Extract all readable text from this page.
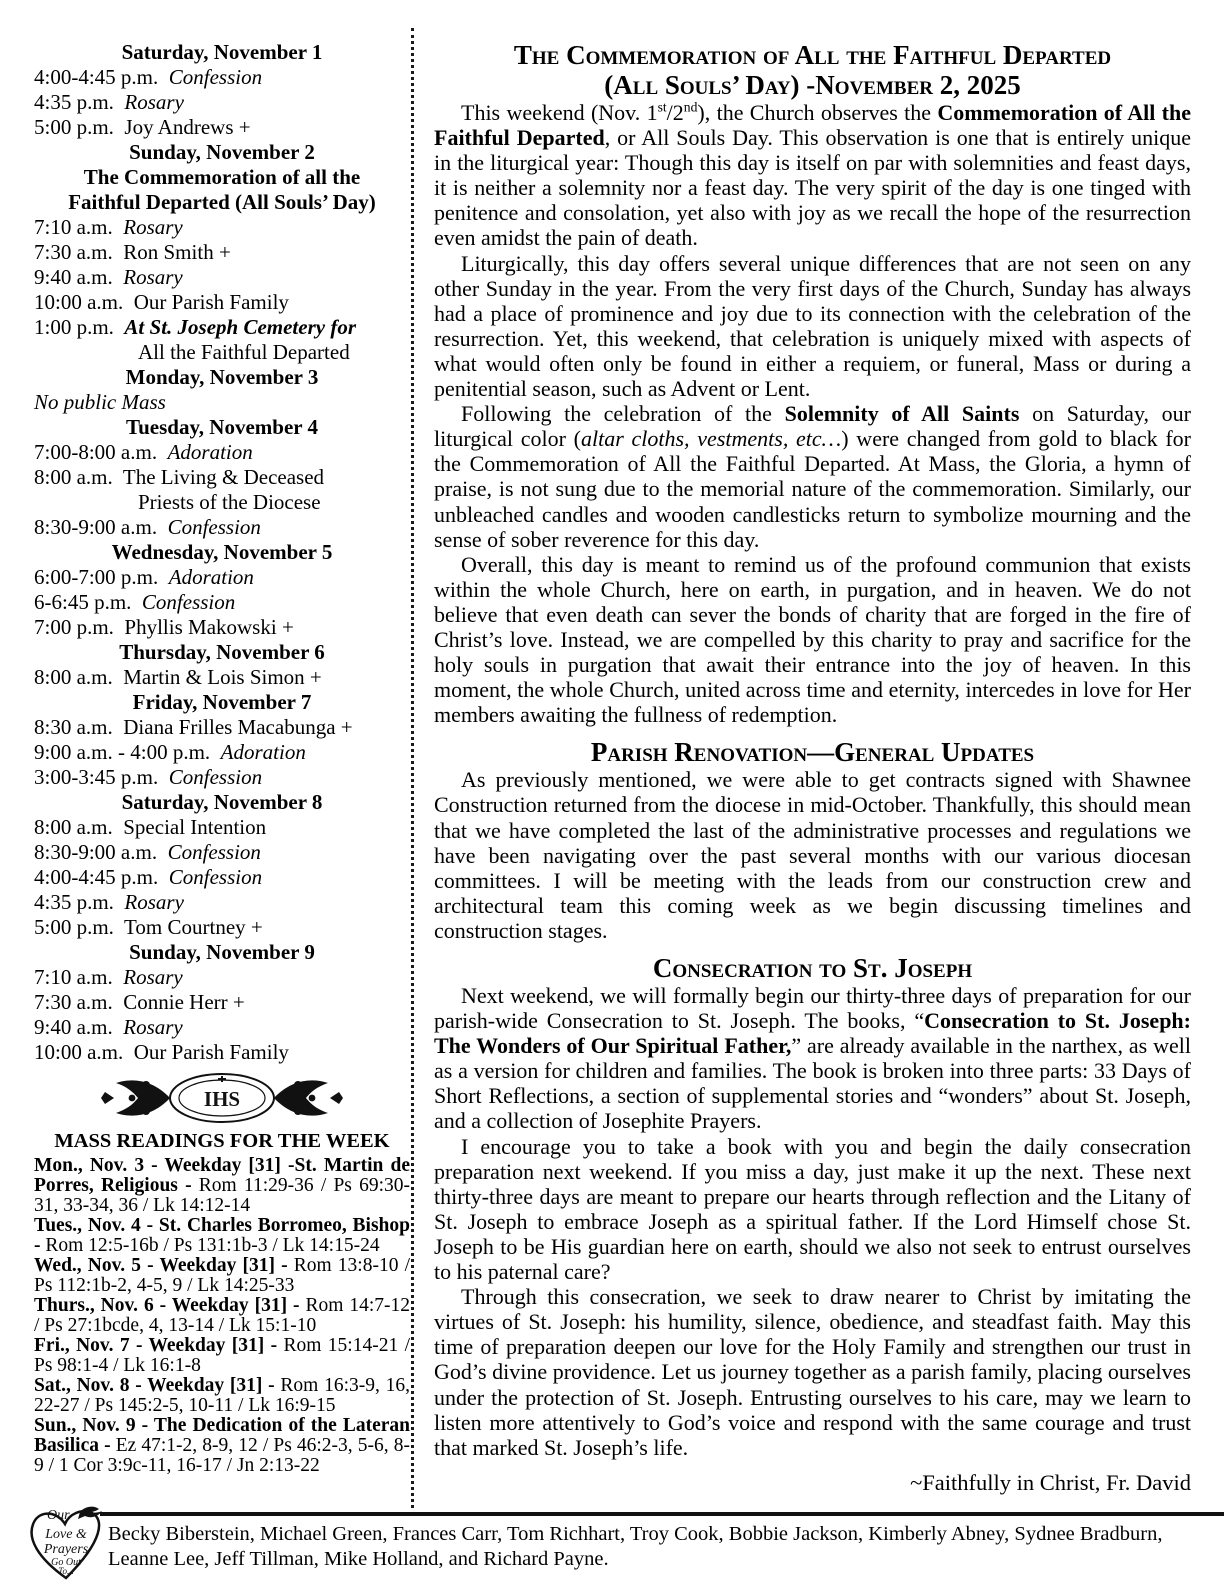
Saturday, November 1
4:00-4:45 p.m. Confession
4:35 p.m. Rosary
5:00 p.m.  Joy Andrews +
Sunday, November 2
The Commemoration of all the
Faithful Departed (All Souls’ Day)
7:10 a.m. Rosary
7:30 a.m.  Ron Smith +
9:40 a.m. Rosary
10:00 a.m. Our Parish Family
1:00 p.m. At St. Joseph Cemetery for
All the Faithful Departed
Monday, November 3
No public Mass
Tuesday, November 4
7:00-8:00 a.m. Adoration
8:00 a.m.  The Living & Deceased
Priests of the Diocese
8:30-9:00 a.m. Confession
Wednesday, November 5
6:00-7:00 p.m. Adoration
6-6:45 p.m. Confession
7:00 p.m.  Phyllis Makowski +
Thursday, November 6
8:00 a.m.  Martin & Lois Simon +
Friday, November 7
8:30 a.m.  Diana Frilles Macabunga +
9:00 a.m. - 4:00 p.m. Adoration
3:00-3:45 p.m. Confession
Saturday, November 8
8:00 a.m. Special Intention
8:30-9:00 a.m. Confession
4:00-4:45 p.m. Confession
4:35 p.m. Rosary
5:00 p.m.  Tom Courtney +
Sunday, November 9
7:10 a.m. Rosary
7:30 a.m.  Connie Herr +
9:40 a.m. Rosary
10:00 a.m. Our Parish Family
IHS
MASS READINGS FOR THE WEEK
Mon., Nov. 3 - Weekday [31] -St. Martin de Porres, Religious - Rom 11:29-36 / Ps 69:30-31, 33-34, 36 / Lk 14:12-14
Tues., Nov. 4 - St. Charles Borromeo, Bishop - Rom 12:5-16b / Ps 131:1b-3 / Lk 14:15-24
Wed., Nov. 5 - Weekday [31] - Rom 13:8-10 / Ps 112:1b-2, 4-5, 9 / Lk 14:25-33
Thurs., Nov. 6 - Weekday [31] - Rom 14:7-12 / Ps 27:1bcde, 4, 13-14 / Lk 15:1-10
Fri., Nov. 7 - Weekday [31] - Rom 15:14-21 / Ps 98:1-4 / Lk 16:1-8
Sat., Nov. 8 - Weekday [31] - Rom 16:3-9, 16, 22-27 / Ps 145:2-5, 10-11 / Lk 16:9-15
Sun., Nov. 9 - The Dedication of the Lateran Basilica - Ez 47:1-2, 8-9, 12 / Ps 46:2-3, 5-6, 8-9 / 1 Cor 3:9c-11, 16-17 / Jn 2:13-22
The Commemoration of All the Faithful Departed
(All Souls’ Day) -November 2, 2025

This weekend (Nov. 1st/2nd), the Church observes the Commemoration of All the Faithful Departed, or All Souls Day. This observation is one that is entirely unique in the liturgical year: Though this day is itself on par with solemnities and feast days, it is neither a solemnity nor a feast day. The very spirit of the day is one tinged with penitence and consolation, yet also with joy as we recall the hope of the resurrection even amidst the pain of death.

Liturgically, this day offers several unique differences that are not seen on any other Sunday in the year. From the very first days of the Church, Sunday has always had a place of prominence and joy due to its connection with the celebration of the resurrection. Yet, this weekend, that celebration is uniquely mixed with aspects of what would often only be found in either a requiem, or funeral, Mass or during a penitential season, such as Advent or Lent.

Following the celebration of the Solemnity of All Saints on Saturday, our liturgical color (altar cloths, vestments, etc…) were changed from gold to black for the Commemoration of All the Faithful Departed. At Mass, the Gloria, a hymn of praise, is not sung due to the memorial nature of the commemoration. Similarly, our unbleached candles and wooden candlesticks return to symbolize mourning and the sense of sober reverence for this day.

Overall, this day is meant to remind us of the profound communion that exists within the whole Church, here on earth, in purgation, and in heaven. We do not believe that even death can sever the bonds of charity that are forged in the fire of Christ’s love. Instead, we are compelled by this charity to pray and sacrifice for the holy souls in purgation that await their entrance into the joy of heaven. In this moment, the whole Church, united across time and eternity, intercedes in love for Her members awaiting the fullness of redemption.

Parish Renovation—General Updates

As previously mentioned, we were able to get contracts signed with Shawnee Construction returned from the diocese in mid-October. Thankfully, this should mean that we have completed the last of the administrative processes and regulations we have been navigating over the past several months with our various diocesan committees. I will be meeting with the leads from our construction crew and architectural team this coming week as we begin discussing timelines and construction stages.

Consecration to St. Joseph

Next weekend, we will formally begin our thirty-three days of preparation for our parish-wide Consecration to St. Joseph. The books, “Consecration to St. Joseph: The Wonders of Our Spiritual Father,” are already available in the narthex, as well as a version for children and families. The book is broken into three parts: 33 Days of Short Reflections, a section of supplemental stories and “wonders” about St. Joseph, and a collection of Josephite Prayers.

I encourage you to take a book with you and begin the daily consecration preparation next weekend. If you miss a day, just make it up the next. These next thirty-three days are meant to prepare our hearts through reflection and the Litany of St. Joseph to embrace Joseph as a spiritual father. If the Lord Himself chose St. Joseph to be His guardian here on earth, should we also not seek to entrust ourselves to his paternal care?

Through this consecration, we seek to draw nearer to Christ by imitating the virtues of St. Joseph: his humility, silence, obedience, and steadfast faith. May this time of preparation deepen our love for the Holy Family and strengthen our trust in God’s divine providence. Let us journey together as a parish family, placing ourselves under the protection of St. Joseph. Entrusting ourselves to his care, may we learn to listen more attentively to God’s voice and respond with the same courage and trust that marked St. Joseph’s life.

~Faithfully in Christ, Fr. David
Our
Love &
Prayers
Go Out
To...
Becky Biberstein, Michael Green, Frances Carr, Tom Richhart, Troy Cook, Bobbie Jackson, Kimberly Abney, Sydnee Bradburn, Leanne Lee, Jeff Tillman, Mike Holland, and Richard Payne.
